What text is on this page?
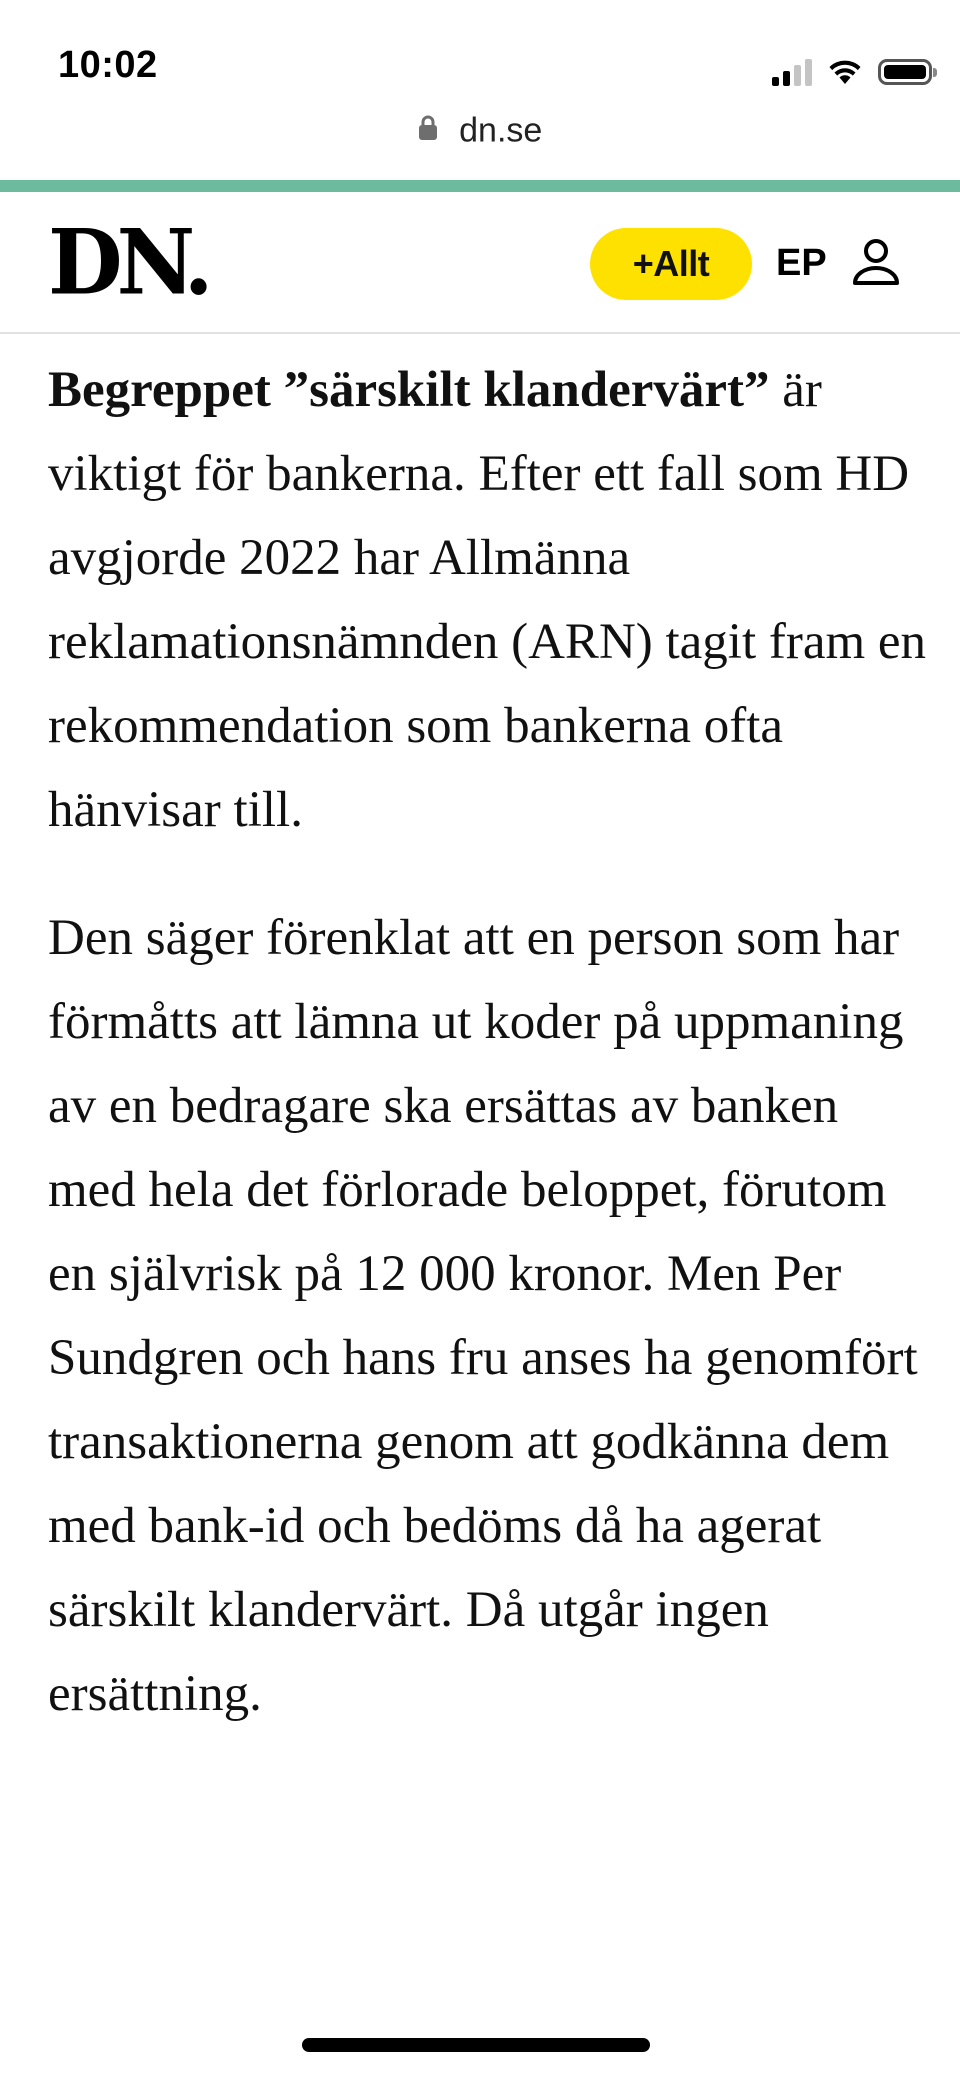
10:02
dn.se
DN.	+Allt	EP

Begreppet ”särskilt klandervärt” är viktigt för bankerna. Efter ett fall som HD avgjorde 2022 har Allmänna reklamationsnämnden (ARN) tagit fram en rekommendation som bankerna ofta hänvisar till.

Den säger förenklat att en person som har förmåtts att lämna ut koder på uppmaning av en bedragare ska ersättas av banken med hela det förlorade beloppet, förutom en självrisk på 12 000 kronor. Men Per Sundgren och hans fru anses ha genomfört transaktionerna genom att godkänna dem med bank-id och bedöms då ha agerat särskilt klandervärt. Då utgår ingen ersättning.
